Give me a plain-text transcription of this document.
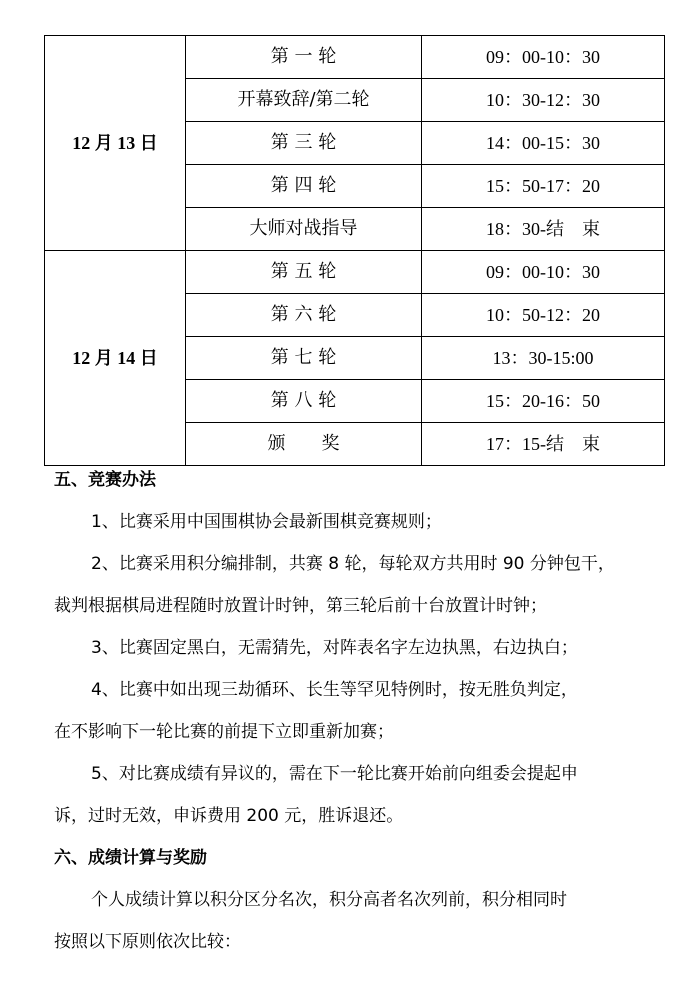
12 月 13 日	第 一 轮	09：00-10：30
	开幕致辞/第二轮	10：30-12：30
	第 三 轮	14：00-15：30
	第 四 轮	15：50-17：20
	大师对战指导	18：30-结　束
12 月 14 日	第 五 轮	09：00-10：30
	第 六 轮	10：50-12：20
	第 七 轮	13：30-15:00
	第 八 轮	15：20-16：50
	颁　　奖	17：15-结　束
五、竞赛办法
1、比赛采用中国围棋协会最新围棋竞赛规则；
2、比赛采用积分编排制，共赛 8 轮，每轮双方共用时 90 分钟包干，
裁判根据棋局进程随时放置计时钟，第三轮后前十台放置计时钟；
3、比赛固定黑白，无需猜先，对阵表名字左边执黑，右边执白；
4、比赛中如出现三劫循环、长生等罕见特例时，按无胜负判定，
在不影响下一轮比赛的前提下立即重新加赛；
5、对比赛成绩有异议的，需在下一轮比赛开始前向组委会提起申
诉，过时无效，申诉费用 200 元，胜诉退还。
六、成绩计算与奖励
个人成绩计算以积分区分名次，积分高者名次列前，积分相同时
按照以下原则依次比较：
